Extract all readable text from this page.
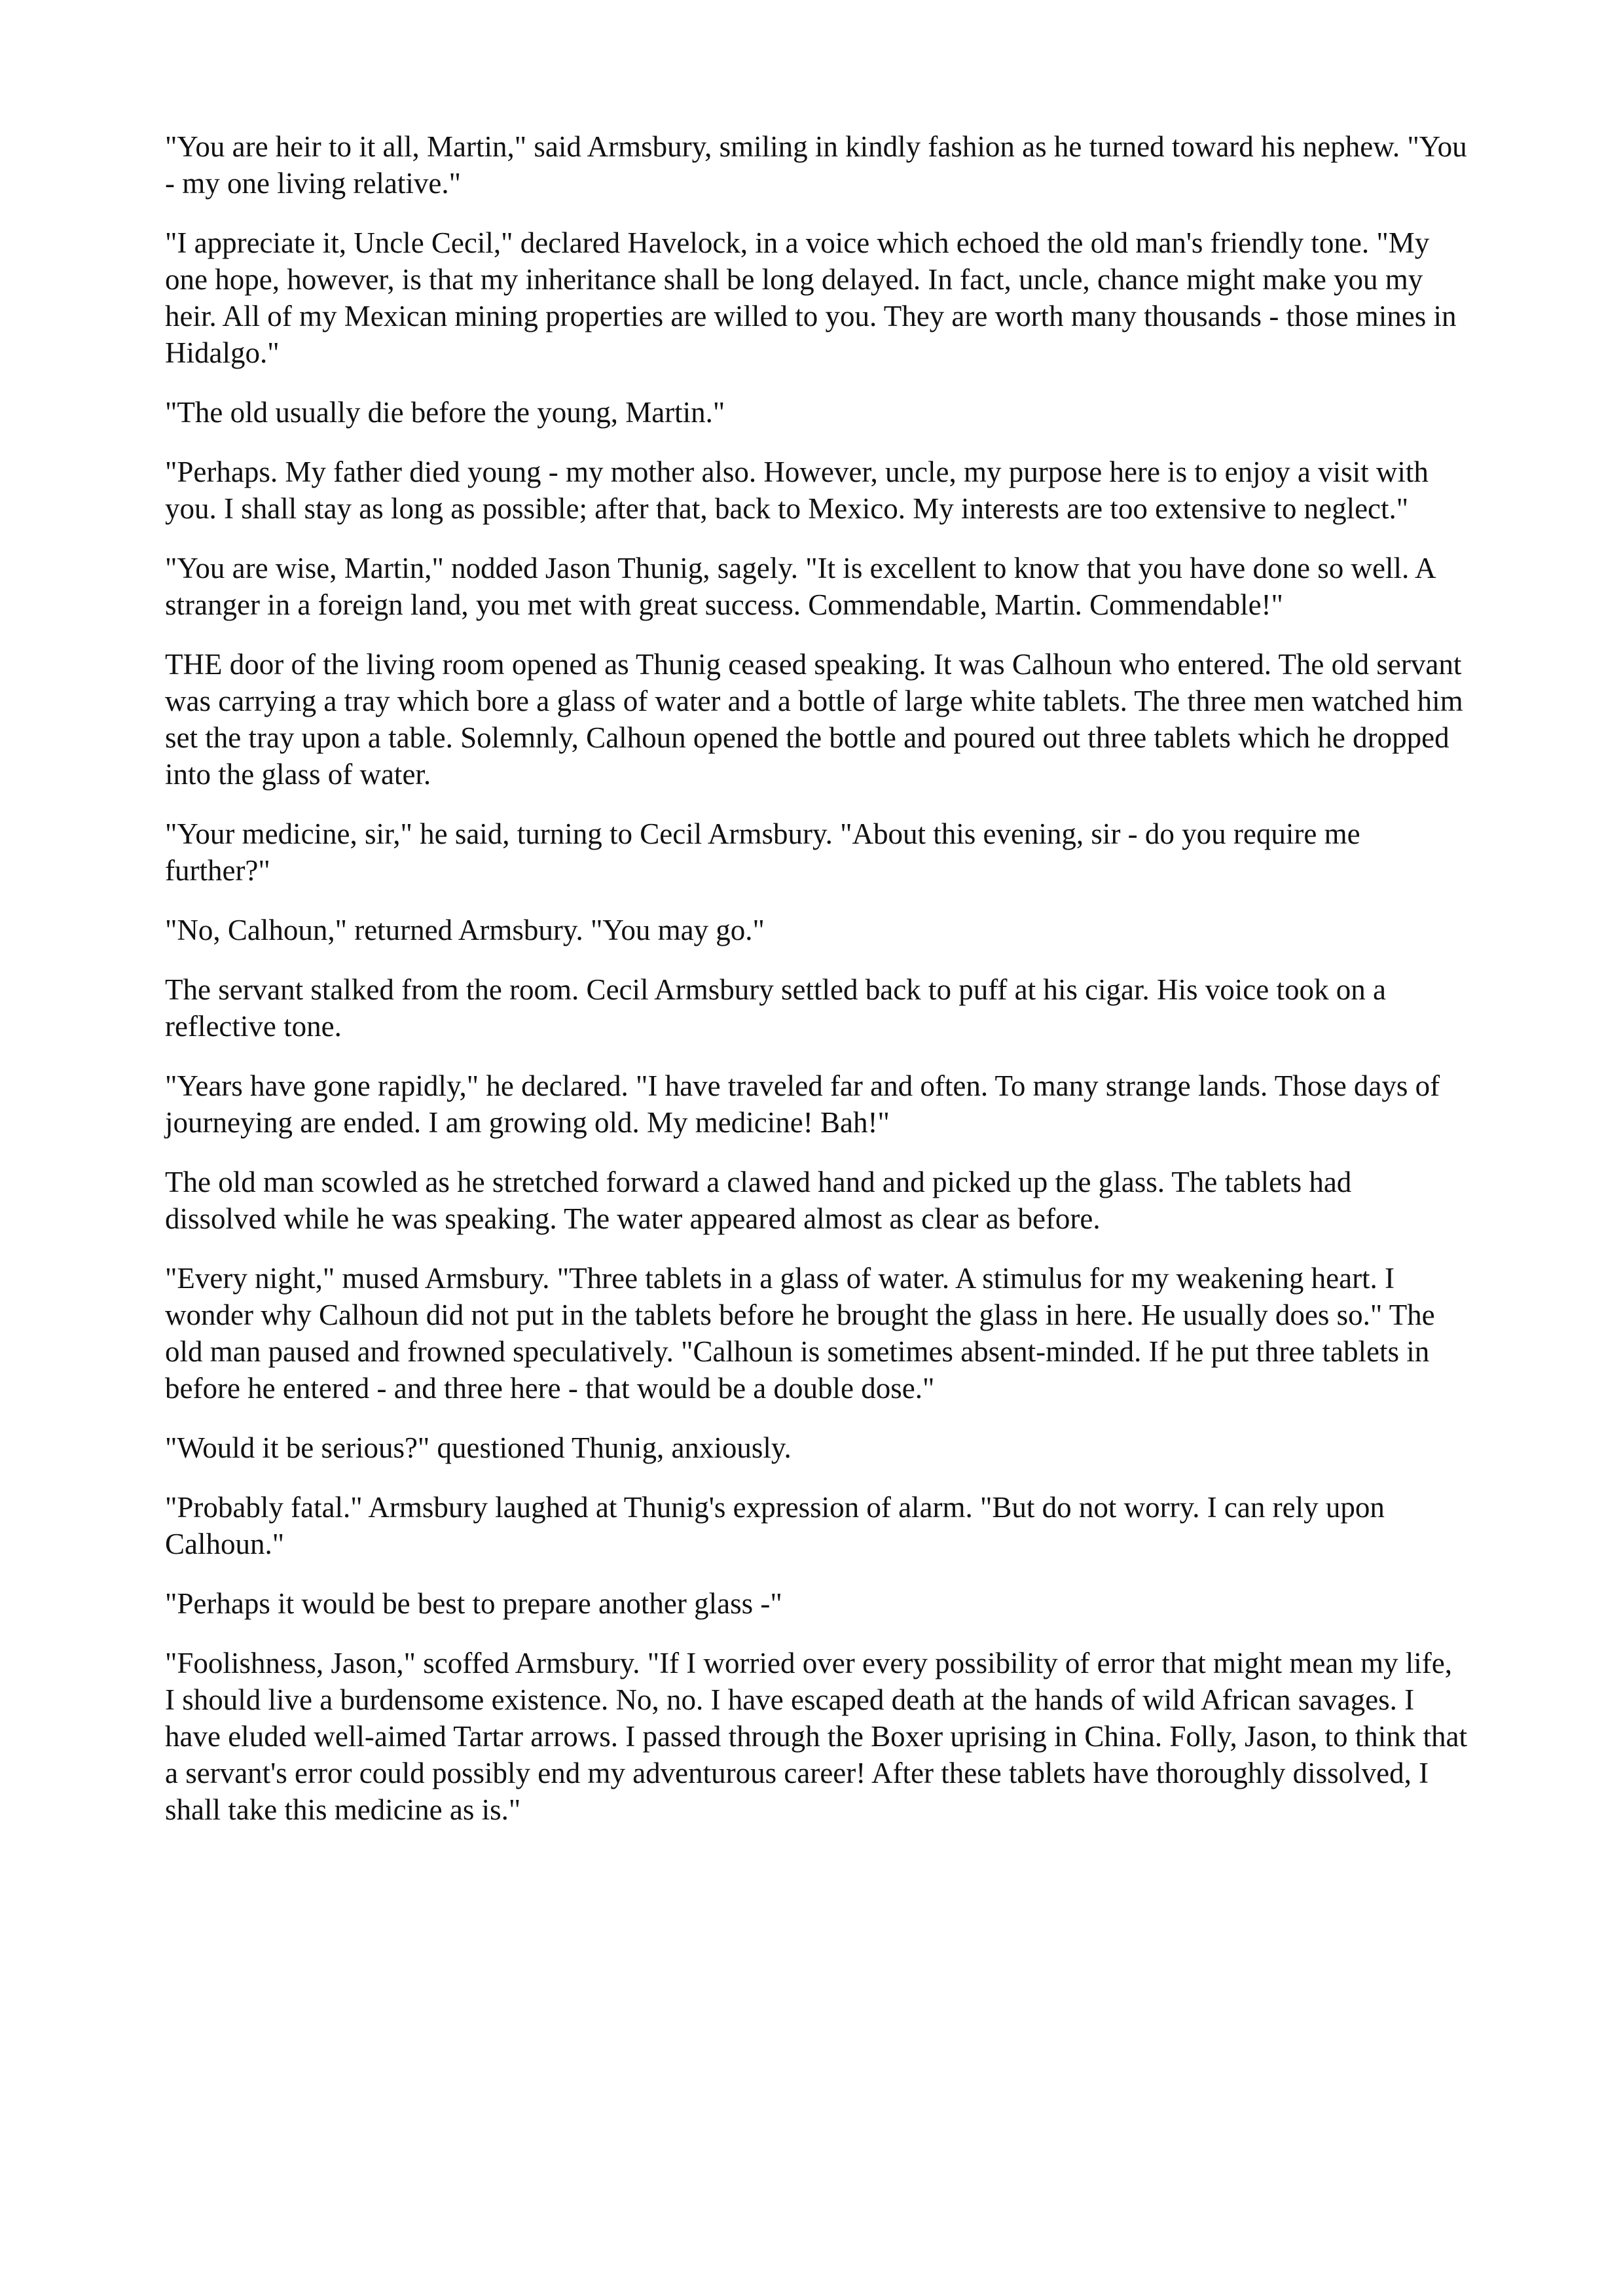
"You are heir to it all, Martin," said Armsbury, smiling in kindly fashion as he turned toward his nephew. "You - my one living relative."

"I appreciate it, Uncle Cecil," declared Havelock, in a voice which echoed the old man's friendly tone. "My one hope, however, is that my inheritance shall be long delayed. In fact, uncle, chance might make you my heir. All of my Mexican mining properties are willed to you. They are worth many thousands - those mines in Hidalgo."

"The old usually die before the young, Martin."

"Perhaps. My father died young - my mother also. However, uncle, my purpose here is to enjoy a visit with you. I shall stay as long as possible; after that, back to Mexico. My interests are too extensive to neglect."

"You are wise, Martin," nodded Jason Thunig, sagely. "It is excellent to know that you have done so well. A stranger in a foreign land, you met with great success. Commendable, Martin. Commendable!"

THE door of the living room opened as Thunig ceased speaking. It was Calhoun who entered. The old servant was carrying a tray which bore a glass of water and a bottle of large white tablets. The three men watched him set the tray upon a table. Solemnly, Calhoun opened the bottle and poured out three tablets which he dropped into the glass of water.

"Your medicine, sir," he said, turning to Cecil Armsbury. "About this evening, sir - do you require me further?"

"No, Calhoun," returned Armsbury. "You may go."

The servant stalked from the room. Cecil Armsbury settled back to puff at his cigar. His voice took on a reflective tone.

"Years have gone rapidly," he declared. "I have traveled far and often. To many strange lands. Those days of journeying are ended. I am growing old. My medicine! Bah!"

The old man scowled as he stretched forward a clawed hand and picked up the glass. The tablets had dissolved while he was speaking. The water appeared almost as clear as before.

"Every night," mused Armsbury. "Three tablets in a glass of water. A stimulus for my weakening heart. I wonder why Calhoun did not put in the tablets before he brought the glass in here. He usually does so." The old man paused and frowned speculatively. "Calhoun is sometimes absent-minded. If he put three tablets in before he entered - and three here - that would be a double dose."

"Would it be serious?" questioned Thunig, anxiously.

"Probably fatal." Armsbury laughed at Thunig's expression of alarm. "But do not worry. I can rely upon Calhoun."

"Perhaps it would be best to prepare another glass -"

"Foolishness, Jason," scoffed Armsbury. "If I worried over every possibility of error that might mean my life, I should live a burdensome existence. No, no. I have escaped death at the hands of wild African savages. I have eluded well-aimed Tartar arrows. I passed through the Boxer uprising in China. Folly, Jason, to think that a servant's error could possibly end my adventurous career! After these tablets have thoroughly dissolved, I shall take this medicine as is."
